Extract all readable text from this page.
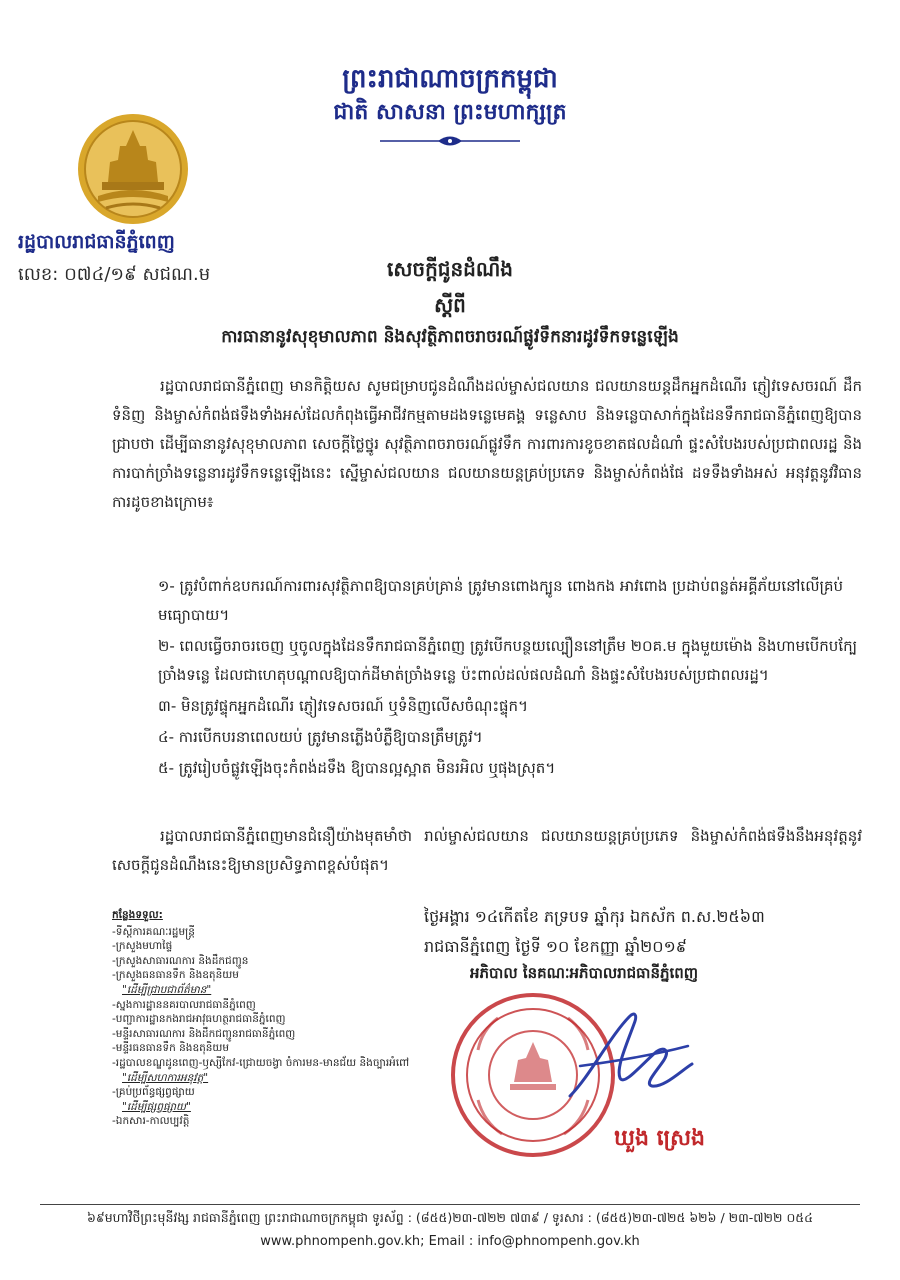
ព្រះរាជាណាចក្រកម្ពុជា
ជាតិ សាសនា ព្រះមហាក្សត្រ
រដ្ឋបាលរាជធានីភ្នំពេញ
លេខ: ០៧៤/១៩ សជណ.ម	សេចក្ដីជូនដំណឹង
ស្ដីពី
ការធានានូវសុខុមាលភាព និងសុវត្ថិភាពចរាចរណ៍ផ្លូវទឹកនារដូវទឹកទន្លេឡើង
រដ្ឋបាលរាជធានីភ្នំពេញ មានកិត្តិយស សូមជម្រាបជូនដំណឹងដល់ម្ចាស់ជលយាន ជលយានយន្តដឹកអ្នកដំណើរ ភ្ញៀវទេសចរណ៍ ដឹកទំនិញ និងម្ចាស់កំពង់ផទឹងទាំងអស់ដែលកំពុងធ្វើអាជីវកម្មតាមដងទន្លេមេគង្គ ទន្លេសាប និងទន្លេបាសាក់ក្នុងដែនទឹករាជធានីភ្នំពេញឱ្យបានជ្រាបថា ដើម្បីធានានូវសុខុមាលភាព សេចក្ដីថ្លៃថ្នូរ សុវត្ថិភាពចរាចរណ៍ផ្លូវទឹក ការពារការខូចខាតផលដំណាំ ផ្ទះសំបែងរបស់ប្រជាពលរដ្ឋ និងការបាក់ច្រាំងទន្លេនារដូវទឹកទន្លេឡើងនេះ ស្នើម្ចាស់ជលយាន ជលយានយន្តគ្រប់ប្រភេទ និងម្ចាស់កំពង់ផែ ដទទឹងទាំងអស់ អនុវត្តនូវវិធានការដូចខាងក្រោម៖
១- ត្រូវបំពាក់ឧបករណ៍ការពារសុវត្ថិភាពឱ្យបានគ្រប់គ្រាន់ ត្រូវមានពោងក្បូន ពោងកង អាវពោង ប្រដាប់ពន្លត់អគ្គីភ័យនៅលើគ្រប់មធ្យោបាយ។
២- ពេលធ្វើចរាចរចេញ ឬចូលក្នុងដែនទឹករាជធានីភ្នំពេញ ត្រូវបើកបន្ថយល្បឿននៅត្រឹម ២០គ.ម ក្នុងមួយម៉ោង និងហាមបើកបក្បែច្រាំងទន្លេ ដែលជាហេតុបណ្ដាលឱ្យបាក់ដីមាត់ច្រាំងទន្លេ ប៉ះពាល់ដល់ផលដំណាំ និងផ្ទះសំបែងរបស់ប្រជាពលរដ្ឋ។
៣- មិនត្រូវផ្ទុកអ្នកដំណើរ ភ្ញៀវទេសចរណ៍ ឬទំនិញលើសចំណុះផ្ទុក។
៤- ការបើកបរនាពេលយប់ ត្រូវមានភ្លើងបំភ្លឺឱ្យបានត្រឹមត្រូវ។
៥- ត្រូវរៀបចំផ្លូវឡើងចុះកំពង់ដទឹង ឱ្យបានល្អស្អាត មិនរអិល ឬផុងស្រុត។
រដ្ឋបាលរាជធានីភ្នំពេញមានជំនឿយ៉ាងមុតមាំថា រាល់ម្ចាស់ជលយាន ជលយានយន្តគ្រប់ប្រភេទ និងម្ចាស់កំពង់ផទឹងនឹងអនុវត្តនូវសេចក្ដីជូនដំណឹងនេះឱ្យមានប្រសិទ្ធភាពខ្ពស់បំផុត។
ថ្ងៃអង្គារ ១៤កើតខែ ភទ្របទ ឆ្នាំកុរ ឯកស័ក ព.ស.២៥៦៣
រាជធានីភ្នំពេញ ថ្ងៃទី ១០ ខែកញ្ញា ឆ្នាំ២០១៩
អភិបាល នៃគណៈអភិបាលរាជធានីភ្នំពេញ
កន្លែងទទួល:
-ទីស្ដីការគណៈរដ្ឋមន្ត្រី
-ក្រសួងមហាផ្ទៃ
-ក្រសួងសាធារណការ និងដឹកជញ្ជូន
-ក្រសួងធនធានទឹក និងឧតុនិយម
"ដើម្បីជ្រាបជាព័ត៌មាន"
-ស្នងការដ្ឋាននគរបាលរាជធានីភ្នំពេញ
-បញ្ជាការដ្ឋានកងរាជអាវុធហត្ថរាជធានីភ្នំពេញ
-មន្ទីរសាធារណការ និងដឹកជញ្ជូនរាជធានីភ្នំពេញ
-មន្ទីរធនធានទឹក និងឧតុនិយម
-រដ្ឋបាលខណ្ឌដូនពេញ-ឫស្សីកែវ-ជ្រោយចង្វា ចំការមន-មានជ័យ និងច្បារអំពៅ
"ដើម្បីសហការអនុវត្ត"
-គ្រប់ប្រព័ន្ធផ្សព្វផ្សាយ
"ដើម្បីផ្សព្វផ្សាយ"
-ឯកសារ-កាលប្បវត្តិ
ឃួង ស្រេង
៦៩មហាវិថីព្រះមុនីវង្ស រាជធានីភ្នំពេញ ព្រះរាជាណាចក្រកម្ពុជា ទូរស័ព្ទ : (៨៥៥)២៣-៧២២ ៧៣៩ / ទូរសារ : (៨៥៥)២៣-៧២៥ ៦២៦ / ២៣-៧២២ ០៥៤
www.phnompenh.gov.kh; Email : info@phnompenh.gov.kh
